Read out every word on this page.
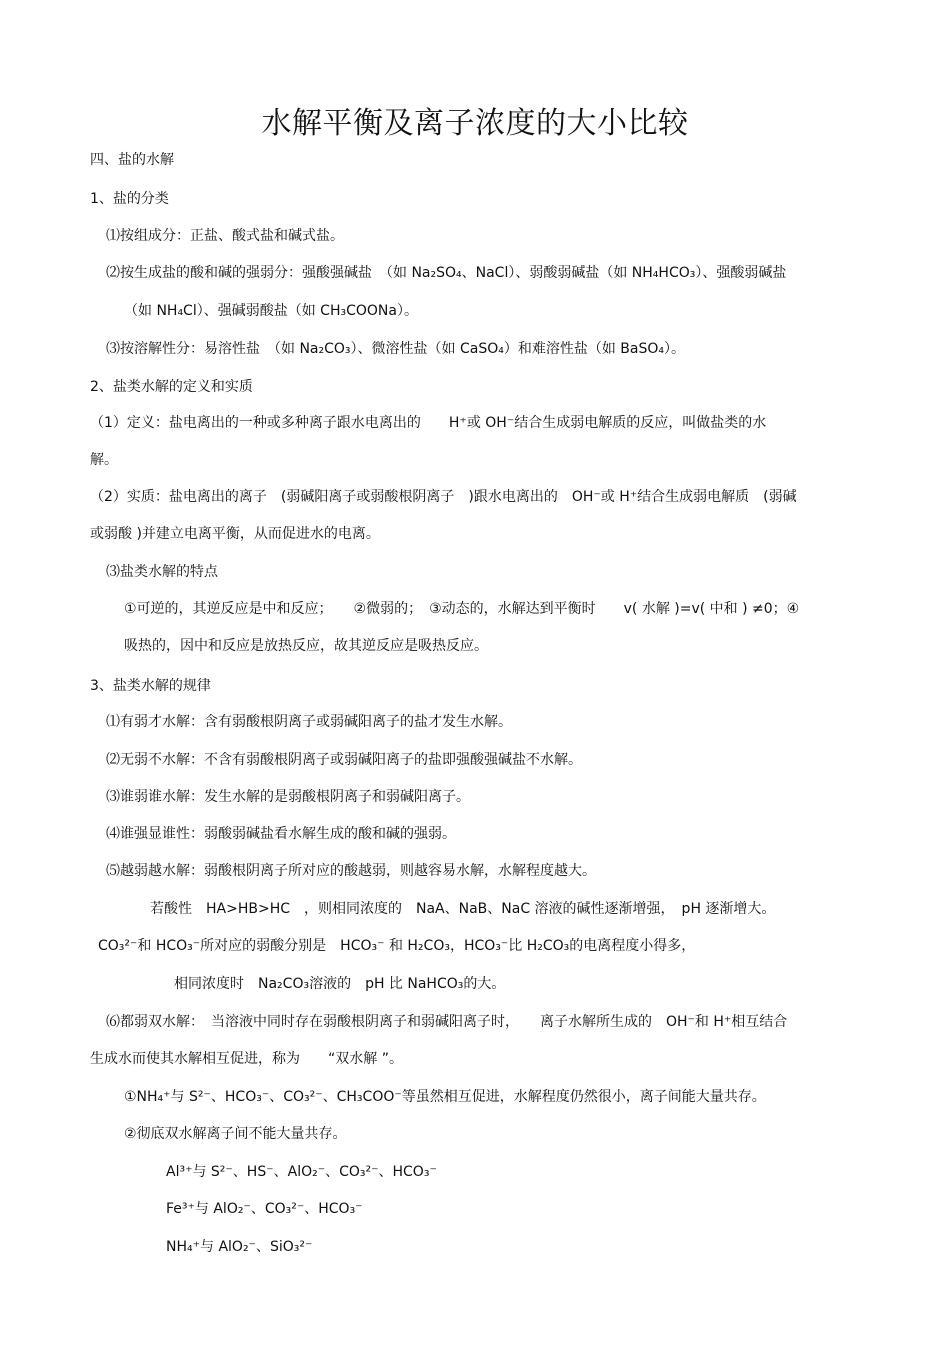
水解平衡及离子浓度的大小比较
四、盐的水解
1、盐的分类
⑴按组成分：正盐、酸式盐和碱式盐。
⑵按生成盐的酸和碱的强弱分：强酸强碱盐　（如 Na₂SO₄、NaCl）、弱酸弱碱盐（如 NH₄HCO₃）、强酸弱碱盐
（如 NH₄Cl）、强碱弱酸盐（如 CH₃COONa）。
⑶按溶解性分：易溶性盐　（如 Na₂CO₃）、微溶性盐（如 CaSO₄）和难溶性盐（如 BaSO₄）。
2、盐类水解的定义和实质
（1）定义：盐电离出的一种或多种离子跟水电离出的　　H⁺或 OH⁻结合生成弱电解质的反应，叫做盐类的水
解。
（2）实质：盐电离出的离子　(弱碱阳离子或弱酸根阴离子　)跟水电离出的　OH⁻或 H⁺结合生成弱电解质　(弱碱
或弱酸 )并建立电离平衡，从而促进水的电离。
⑶盐类水解的特点
①可逆的，其逆反应是中和反应；　　②微弱的；　③动态的，水解达到平衡时　　v( 水解 )=v( 中和 ) ≠0；④
吸热的，因中和反应是放热反应，故其逆反应是吸热反应。
3、盐类水解的规律
⑴有弱才水解：含有弱酸根阴离子或弱碱阳离子的盐才发生水解。
⑵无弱不水解：不含有弱酸根阴离子或弱碱阳离子的盐即强酸强碱盐不水解。
⑶谁弱谁水解：发生水解的是弱酸根阴离子和弱碱阳离子。
⑷谁强显谁性：弱酸弱碱盐看水解生成的酸和碱的强弱。
⑸越弱越水解：弱酸根阴离子所对应的酸越弱，则越容易水解，水解程度越大。
若酸性　HA>HB>HC　，则相同浓度的　NaA、NaB、NaC 溶液的碱性逐渐增强，　pH 逐渐增大。
CO₃²⁻和 HCO₃⁻所对应的弱酸分别是　HCO₃⁻ 和 H₂CO₃，HCO₃⁻比 H₂CO₃的电离程度小得多，
相同浓度时　Na₂CO₃溶液的　pH 比 NaHCO₃的大。
⑹都弱双水解：　当溶液中同时存在弱酸根阴离子和弱碱阳离子时，　　离子水解所生成的　OH⁻和 H⁺相互结合
生成水而使其水解相互促进，称为　　“双水解 ”。
①NH₄⁺与 S²⁻、HCO₃⁻、CO₃²⁻、CH₃COO⁻等虽然相互促进，水解程度仍然很小，离子间能大量共存。
②彻底双水解离子间不能大量共存。
Al³⁺与 S²⁻、HS⁻、AlO₂⁻、CO₃²⁻、HCO₃⁻
Fe³⁺与 AlO₂⁻、CO₃²⁻、HCO₃⁻
NH₄⁺与 AlO₂⁻、SiO₃²⁻
